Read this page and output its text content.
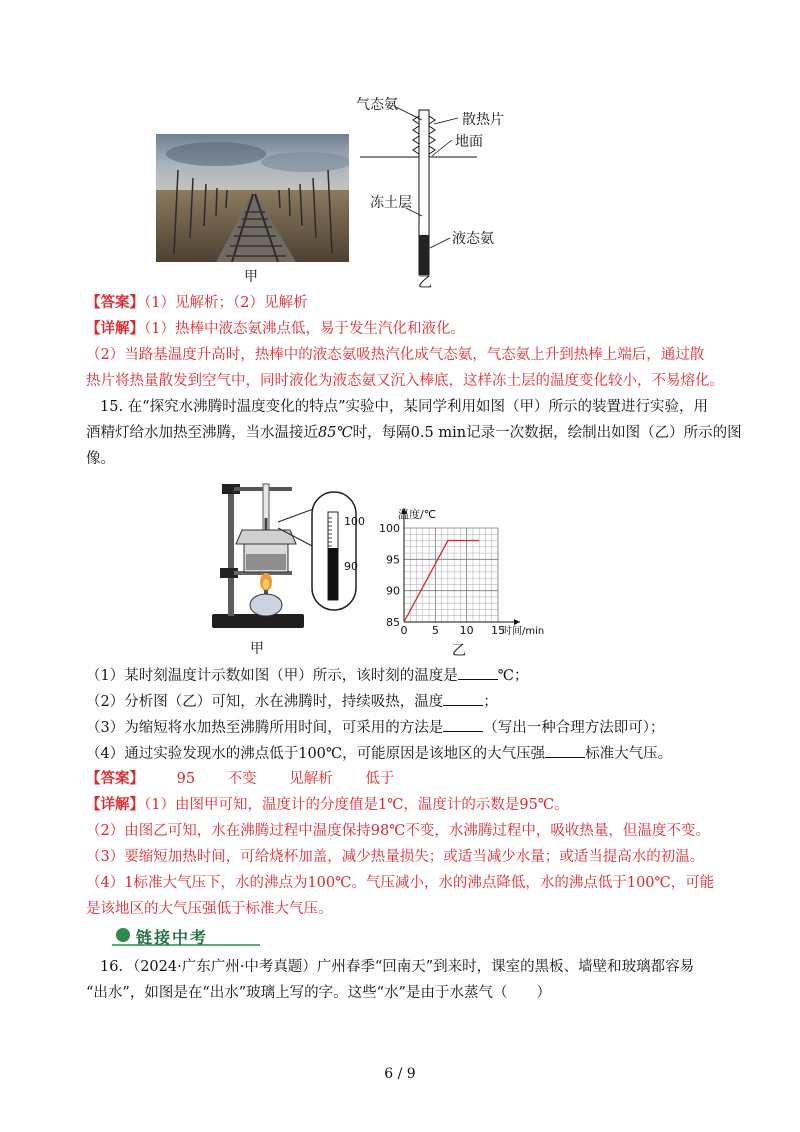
气态氨
散热片
地面
冻土层
液态氨
甲	乙
【答案】（1）见解析；（2）见解析
【详解】（1）热棒中液态氨沸点低，易于发生汽化和液化。
（2）当路基温度升高时，热棒中的液态氨吸热汽化成气态氨，气态氨上升到热棒上端后，通过散
热片将热量散发到空气中，同时液化为液态氨又沉入棒底，这样冻土层的温度变化较小，不易熔化。
15. 在“探究水沸腾时温度变化的特点”实验中，某同学利用如图（甲）所示的装置进行实验，用
酒精灯给水加热至沸腾，当水温接近85℃时，每隔0.5 min记录一次数据，绘制出如图（乙）所示的图
像。
100
90
甲
0 5 10 15
85
90
95
100
温度/℃
时间/min
乙
（1）某时刻温度计示数如图（甲）所示，该时刻的温度是	℃；
（2）分析图（乙）可知，水在沸腾时，持续吸热，温度	；
（3）为缩短将水加热至沸腾所用时间，可采用的方法是	（写出一种合理方法即可）；
（4）通过实验发现水的沸点低于100℃，可能原因是该地区的大气压强	标准大气压。
【答案】 95 不变 见解析 低于
【详解】（1）由图甲可知，温度计的分度值是1℃，温度计的示数是95℃。
（2）由图乙可知，水在沸腾过程中温度保持98℃不变，水沸腾过程中，吸收热量，但温度不变。
（3）要缩短加热时间，可给烧杯加盖，减少热量损失；或适当减少水量；或适当提高水的初温。
（4）1标准大气压下，水的沸点为100℃。气压减小，水的沸点降低，水的沸点低于100℃，可能
是该地区的大气压强低于标准大气压。
链接中考
16．（2024·广东广州·中考真题）广州春季“回南天”到来时，课室的黑板、墙壁和玻璃都容易
“出水”，如图是在“出水”玻璃上写的字。这些“水”是由于水蒸气（　　）
6 / 9
